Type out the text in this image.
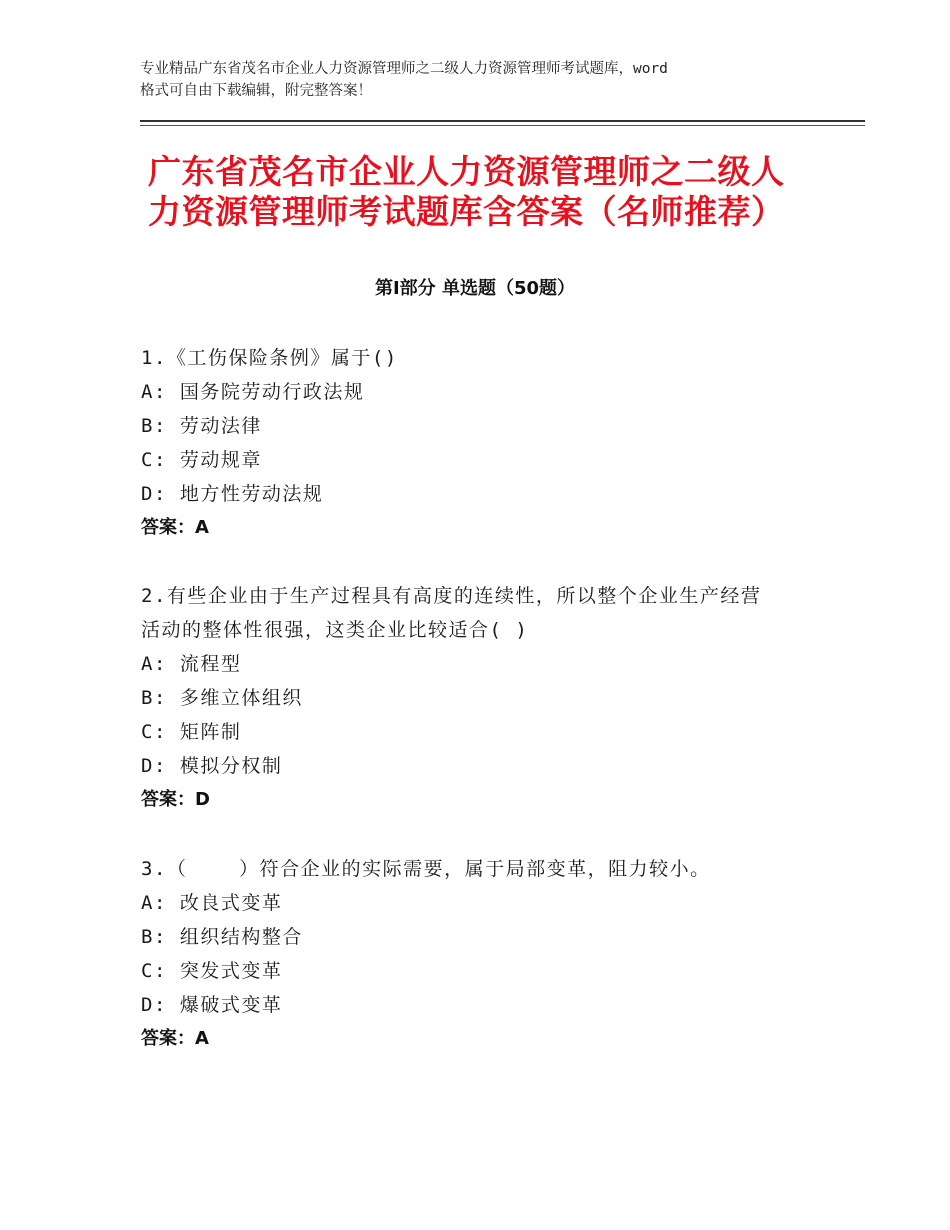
专业精品广东省茂名市企业人力资源管理师之二级人力资源管理师考试题库，word
格式可自由下载编辑，附完整答案！
广东省茂名市企业人力资源管理师之二级人
力资源管理师考试题库含答案（名师推荐）
第Ⅰ部分 单选题（50题）
1.《工伤保险条例》属于()
A: 国务院劳动行政法规
B: 劳动法律
C: 劳动规章
D: 地方性劳动法规
答案：A
2.有些企业由于生产过程具有高度的连续性，所以整个企业生产经营
活动的整体性很强，这类企业比较适合( )
A: 流程型
B: 多维立体组织
C: 矩阵制
D: 模拟分权制
答案：D
3.（    ）符合企业的实际需要，属于局部变革，阻力较小。
A: 改良式变革
B: 组织结构整合
C: 突发式变革
D: 爆破式变革
答案：A
